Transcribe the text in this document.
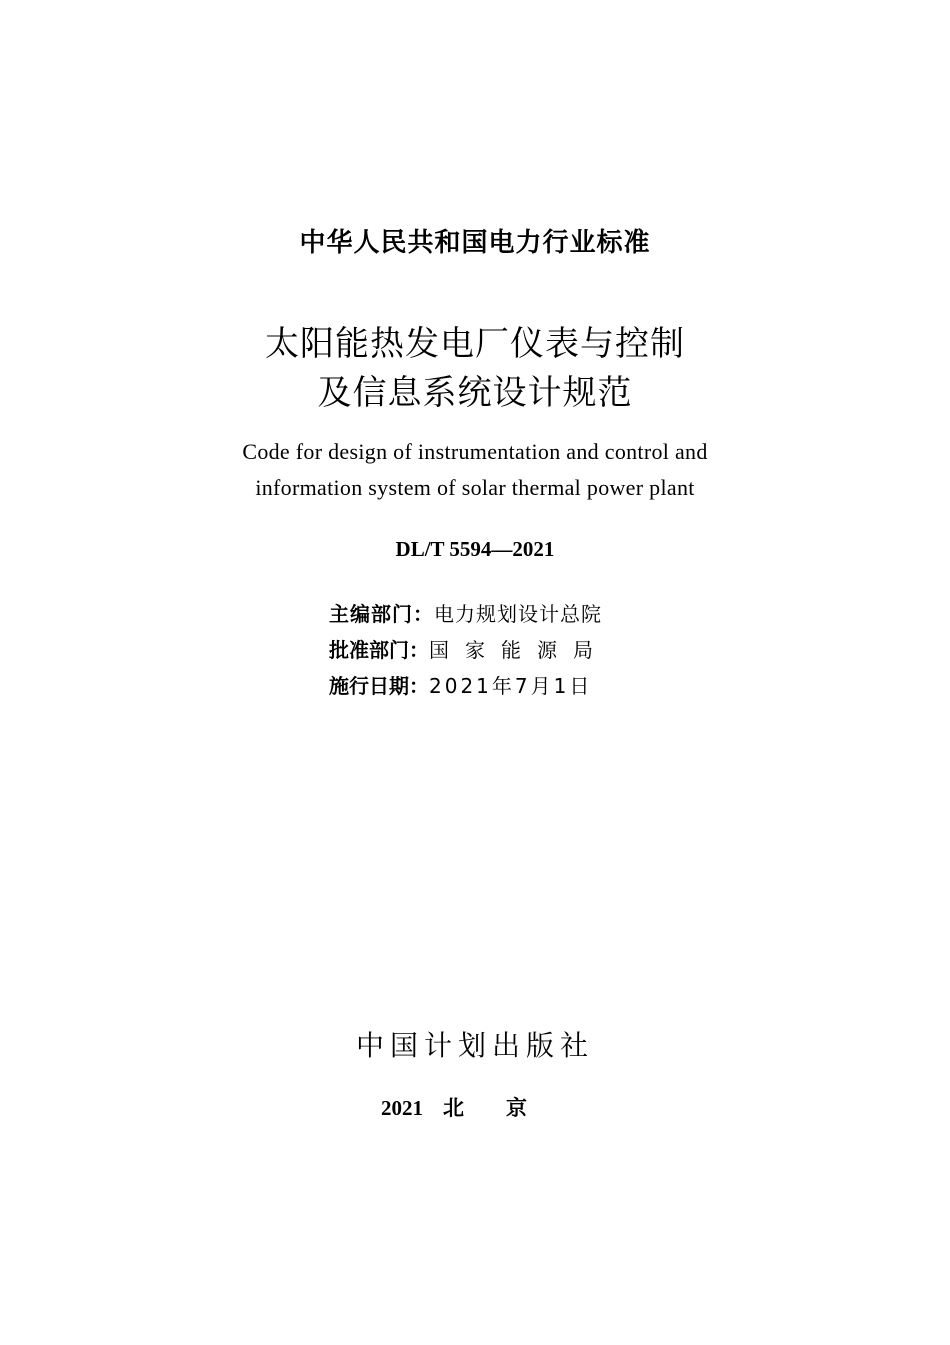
中华人民共和国电力行业标准
太阳能热发电厂仪表与控制
及信息系统设计规范
Code for design of instrumentation and control and
information system of solar thermal power plant
DL/T 5594—2021
主编部门：电力规划设计总院
批准部门：国家能源局
施行日期：2021年7月1日
中国计划出版社
2021 北京
